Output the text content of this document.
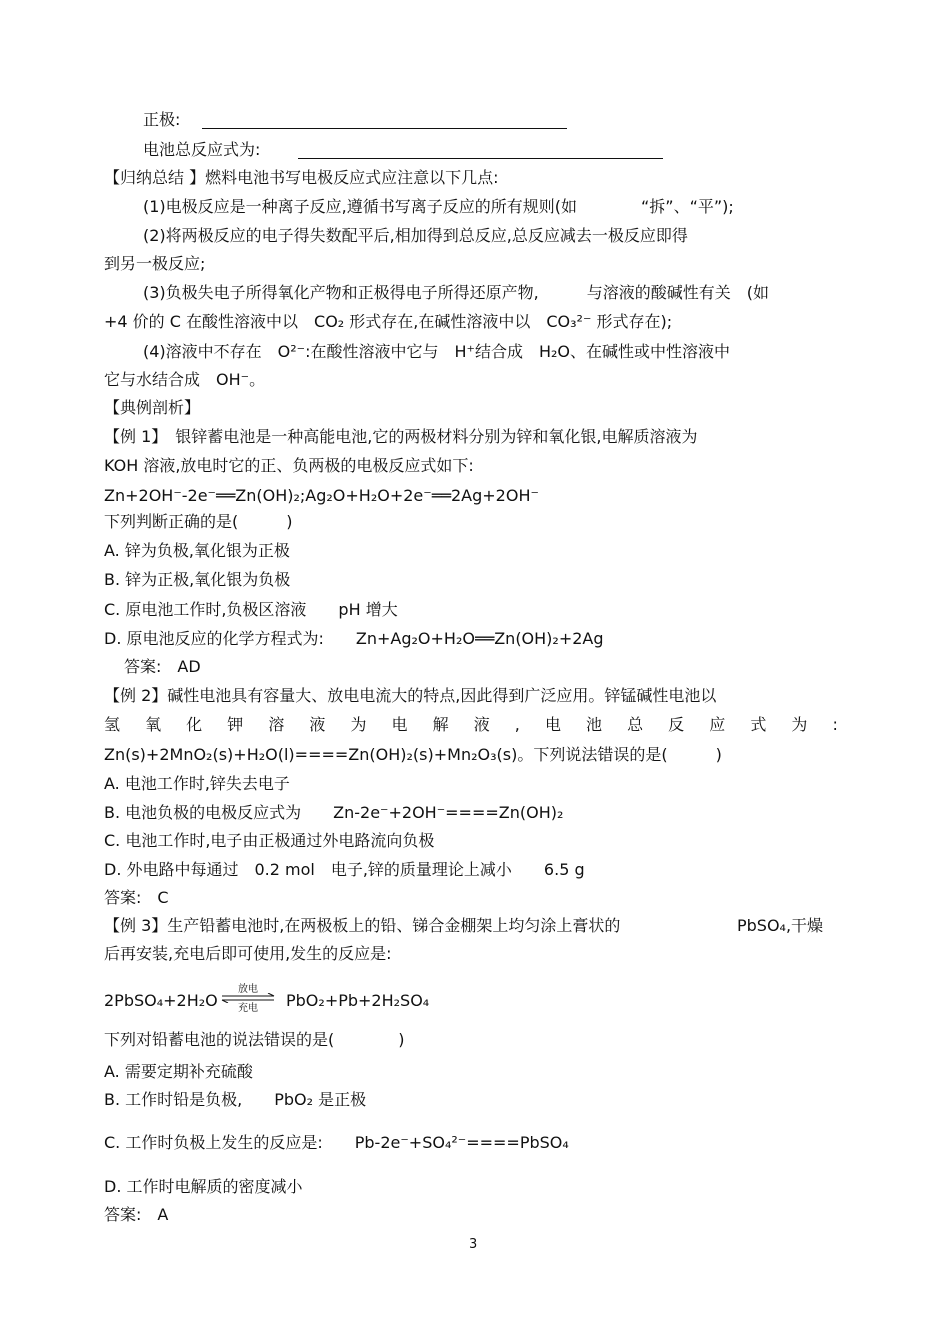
正极:
电池总反应式为:
【归纳总结 】燃料电池书写电极反应式应注意以下几点:
(1)电极反应是一种离子反应,遵循书写离子反应的所有规则(如　　　　“拆”、“平”);
(2)将两极反应的电子得失数配平后,相加得到总反应,总反应减去一极反应即得
到另一极反应;
(3)负极失电子所得氧化产物和正极得电子所得还原产物,　　　与溶液的酸碱性有关　(如
+4 价的 C 在酸性溶液中以　CO₂ 形式存在,在碱性溶液中以　CO₃²⁻ 形式存在);
(4)溶液中不存在　O²⁻:在酸性溶液中它与　H⁺结合成　H₂O、在碱性或中性溶液中
它与水结合成　OH⁻。
【典例剖析】
【例 1】　银锌蓄电池是一种高能电池,它的两极材料分别为锌和氧化银,电解质溶液为
KOH 溶液,放电时它的正、负两极的电极反应式如下:
Zn+2OH⁻-2e⁻══Zn(OH)₂;Ag₂O+H₂O+2e⁻══2Ag+2OH⁻
下列判断正确的是(　　　)
A. 锌为负极,氧化银为正极
B. 锌为正极,氧化银为负极
C. 原电池工作时,负极区溶液　　pH 增大
D. 原电池反应的化学方程式为:　　Zn+Ag₂O+H₂O══Zn(OH)₂+2Ag
答案:　AD
【例 2】碱性电池具有容量大、放电电流大的特点,因此得到广泛应用。锌锰碱性电池以
氢 氧 化 钾 溶 液 为 电 解 液 , 电 池 总 反 应 式 为 :
Zn(s)+2MnO₂(s)+H₂O(l)====Zn(OH)₂(s)+Mn₂O₃(s)。下列说法错误的是(　　　)
A. 电池工作时,锌失去电子
B. 电池负极的电极反应式为　　Zn-2e⁻+2OH⁻====Zn(OH)₂
C. 电池工作时,电子由正极通过外电路流向负极
D. 外电路中每通过　0.2 mol　电子,锌的质量理论上减小　　6.5 g
答案:　C
【例 3】生产铅蓄电池时,在两极板上的铅、锑合金棚架上均匀涂上膏状的	PbSO₄,干燥
后再安装,充电后即可使用,发生的反应是:
2PbSO₄+2H₂O
放电
充电	PbO₂+Pb+2H₂SO₄
下列对铅蓄电池的说法错误的是(　　　　)
A. 需要定期补充硫酸
B. 工作时铅是负极,　　PbO₂ 是正极
C. 工作时负极上发生的反应是:　　Pb-2e⁻+SO₄²⁻====PbSO₄
D. 工作时电解质的密度减小
答案:　A
3
